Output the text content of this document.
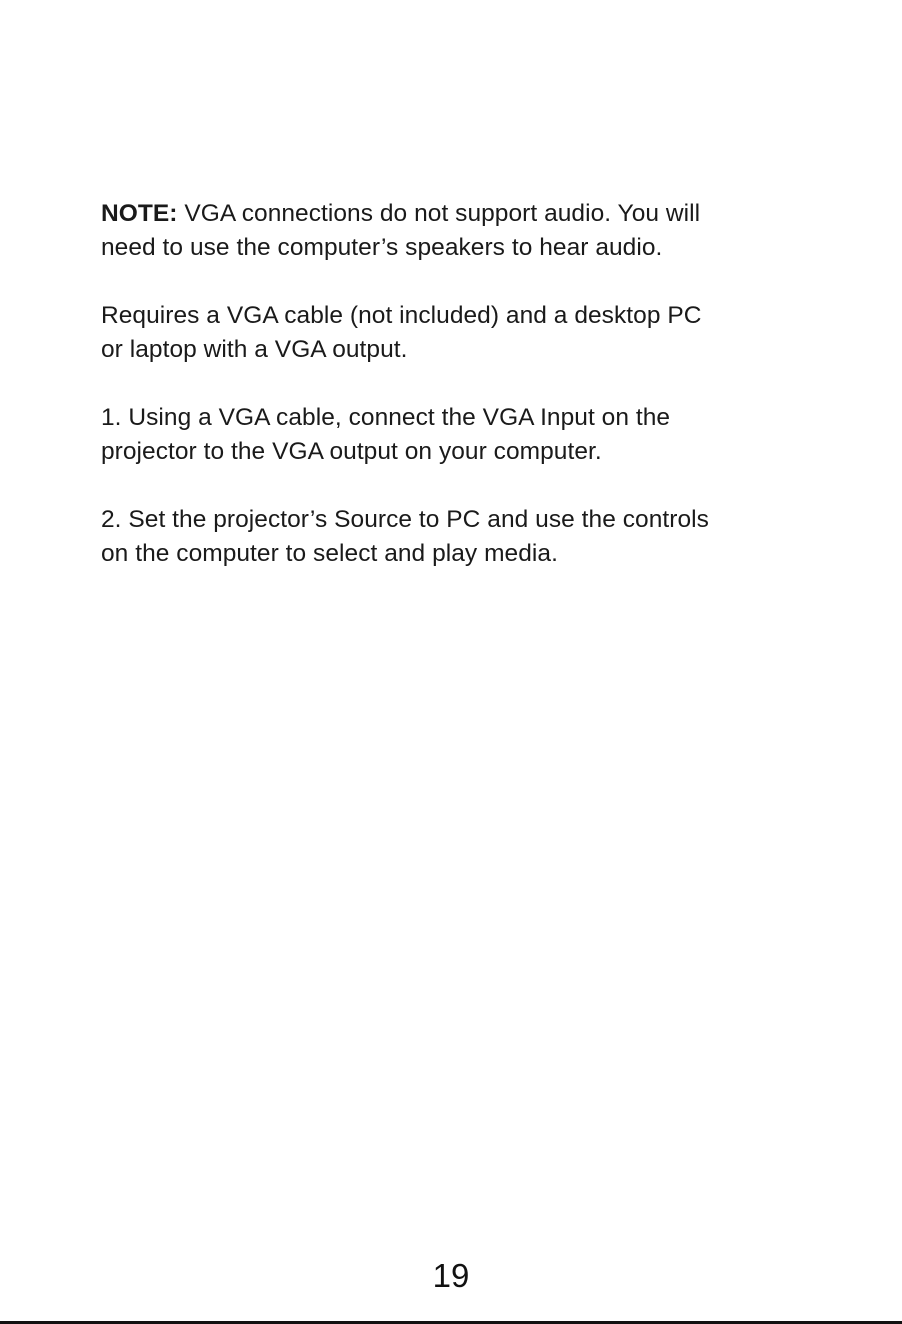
NOTE: VGA connections do not support audio. You will
need to use the computer’s speakers to hear audio.

Requires a VGA cable (not included) and a desktop PC
or laptop with a VGA output.

1. Using a VGA cable, connect the VGA Input on the
projector to the VGA output on your computer.

2. Set the projector’s Source to PC and use the controls
on the computer to select and play media.

19
